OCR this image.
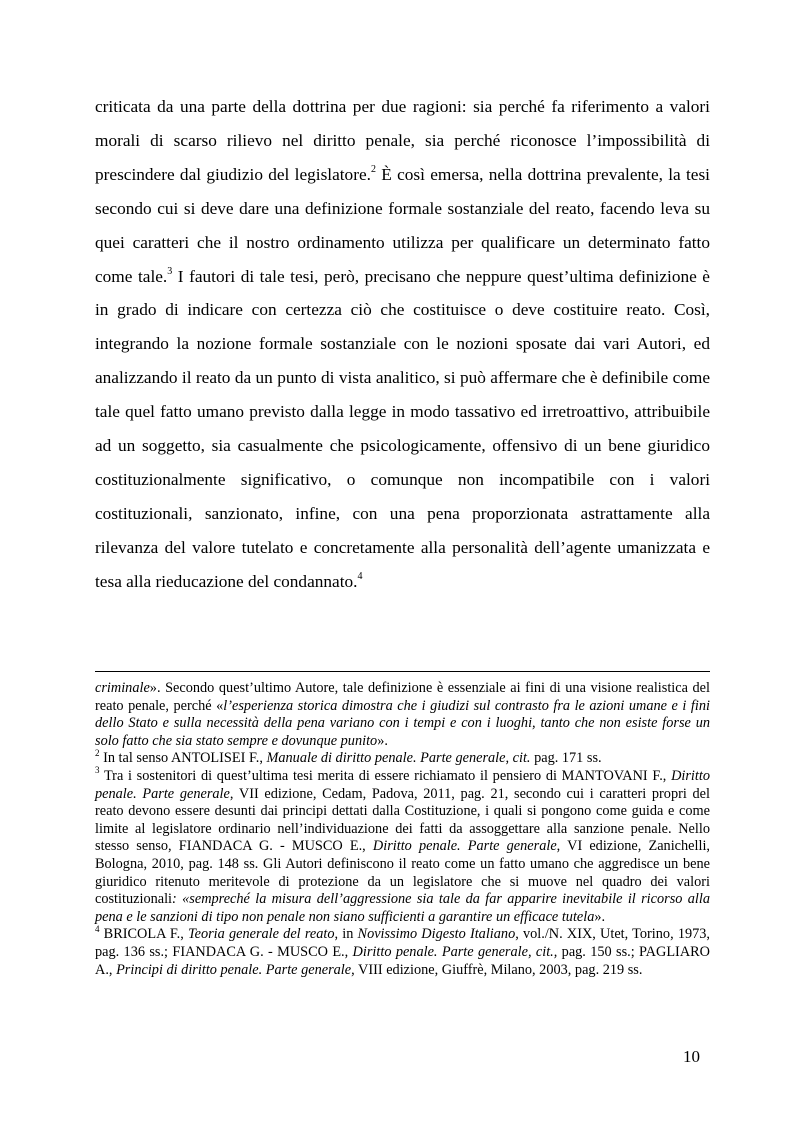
criticata da una parte della dottrina per due ragioni: sia perché fa riferimento a valori morali di scarso rilievo nel diritto penale, sia perché riconosce l’impossibilità di prescindere dal giudizio del legislatore.$^2$ È così emersa, nella dottrina prevalente, la tesi secondo cui si deve dare una definizione formale sostanziale del reato, facendo leva su quei caratteri che il nostro ordinamento utilizza per qualificare un determinato fatto come tale.$^3$ I fautori di tale tesi, però, precisano che neppure quest’ultima definizione è in grado di indicare con certezza ciò che costituisce o deve costituire reato. Così, integrando la nozione formale sostanziale con le nozioni sposate dai vari Autori, ed analizzando il reato da un punto di vista analitico, si può affermare che è definibile come tale quel fatto umano previsto dalla legge in modo tassativo ed irretroattivo, attribuibile ad un soggetto, sia casualmente che psicologicamente, offensivo di un bene giuridico costituzionalmente significativo, o comunque non incompatibile con i valori costituzionali, sanzionato, infine, con una pena proporzionata astrattamente alla rilevanza del valore tutelato e concretamente alla personalità dell’agente umanizzata e tesa alla rieducazione del condannato.$^4$

criminale». Secondo quest’ultimo Autore, tale definizione è essenziale ai fini di una visione realistica del reato penale, perché «l’esperienza storica dimostra che i giudizi sul contrasto fra le azioni umane e i fini dello Stato e sulla necessità della pena variano con i tempi e con i luoghi, tanto che non esiste forse un solo fatto che sia stato sempre e dovunque punito».

$^2$ In tal senso ANTOLISEI F., Manuale di diritto penale. Parte generale, cit. pag. 171 ss.

$^3$ Tra i sostenitori di quest’ultima tesi merita di essere richiamato il pensiero di MANTOVANI F., Diritto penale. Parte generale, VII edizione, Cedam, Padova, 2011, pag. 21, secondo cui i caratteri propri del reato devono essere desunti dai principi dettati dalla Costituzione, i quali si pongono come guida e come limite al legislatore ordinario nell’individuazione dei fatti da assoggettare alla sanzione penale. Nello stesso senso, FIANDACA G. - MUSCO E., Diritto penale. Parte generale, VI edizione, Zanichelli, Bologna, 2010, pag. 148 ss. Gli Autori definiscono il reato come un fatto umano che aggredisce un bene giuridico ritenuto meritevole di protezione da un legislatore che si muove nel quadro dei valori costituzionali: «sempreché la misura dell’aggressione sia tale da far apparire inevitabile il ricorso alla pena e le sanzioni di tipo non penale non siano sufficienti a garantire un efficace tutela».

$^4$ BRICOLA F., Teoria generale del reato, in Novissimo Digesto Italiano, vol./N. XIX, Utet, Torino, 1973, pag. 136 ss.; FIANDACA G. - MUSCO E., Diritto penale. Parte generale, cit., pag. 150 ss.; PAGLIARO A., Principi di diritto penale. Parte generale, VIII edizione, Giuffrè, Milano, 2003, pag. 219 ss.

10
